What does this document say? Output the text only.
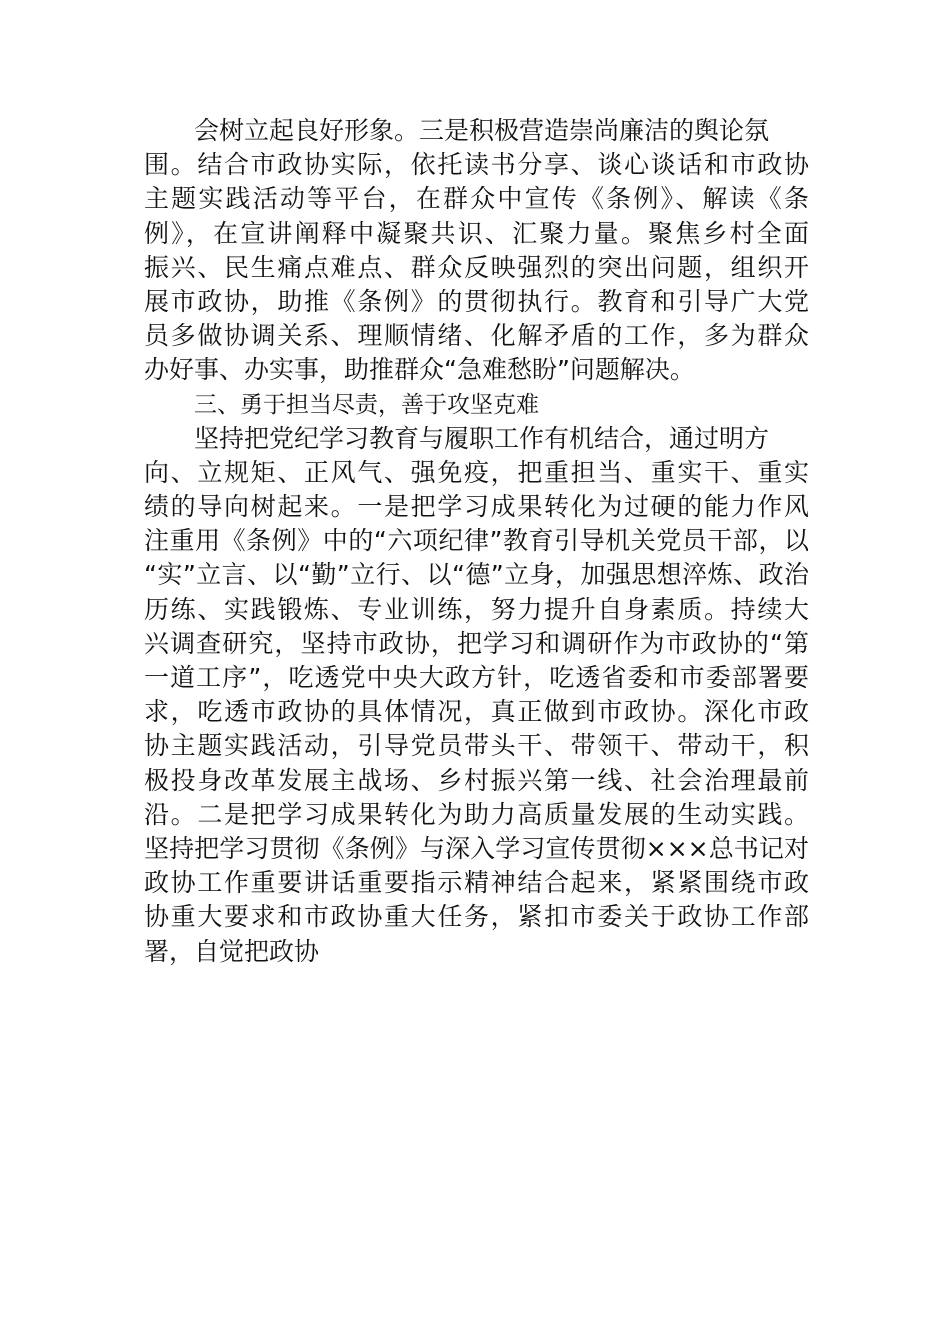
会树立起良好形象。三是积极营造崇尚廉洁的舆论氛
围。结合市政协实际，依托读书分享、谈心谈话和市政协
主题实践活动等平台，在群众中宣传《条例》、解读《条
例》，在宣讲阐释中凝聚共识、汇聚力量。聚焦乡村全面
振兴、民生痛点难点、群众反映强烈的突出问题，组织开
展市政协，助推《条例》的贯彻执行。教育和引导广大党
员多做协调关系、理顺情绪、化解矛盾的工作，多为群众
办好事、办实事，助推群众“急难愁盼”问题解决。
三、勇于担当尽责，善于攻坚克难
坚持把党纪学习教育与履职工作有机结合，通过明方
向、立规矩、正风气、强免疫，把重担当、重实干、重实
绩的导向树起来。一是把学习成果转化为过硬的能力作风
注重用《条例》中的“六项纪律”教育引导机关党员干部，以
“实”立言、以“勤”立行、以“德”立身，加强思想淬炼、政治
历练、实践锻炼、专业训练，努力提升自身素质。持续大
兴调查研究，坚持市政协，把学习和调研作为市政协的“第
一道工序”，吃透党中央大政方针，吃透省委和市委部署要
求，吃透市政协的具体情况，真正做到市政协。深化市政
协主题实践活动，引导党员带头干、带领干、带动干，积
极投身改革发展主战场、乡村振兴第一线、社会治理最前
沿。二是把学习成果转化为助力高质量发展的生动实践。
坚持把学习贯彻《条例》与深入学习宣传贯彻×××总书记对
政协工作重要讲话重要指示精神结合起来，紧紧围绕市政
协重大要求和市政协重大任务，紧扣市委关于政协工作部
署，自觉把政协
